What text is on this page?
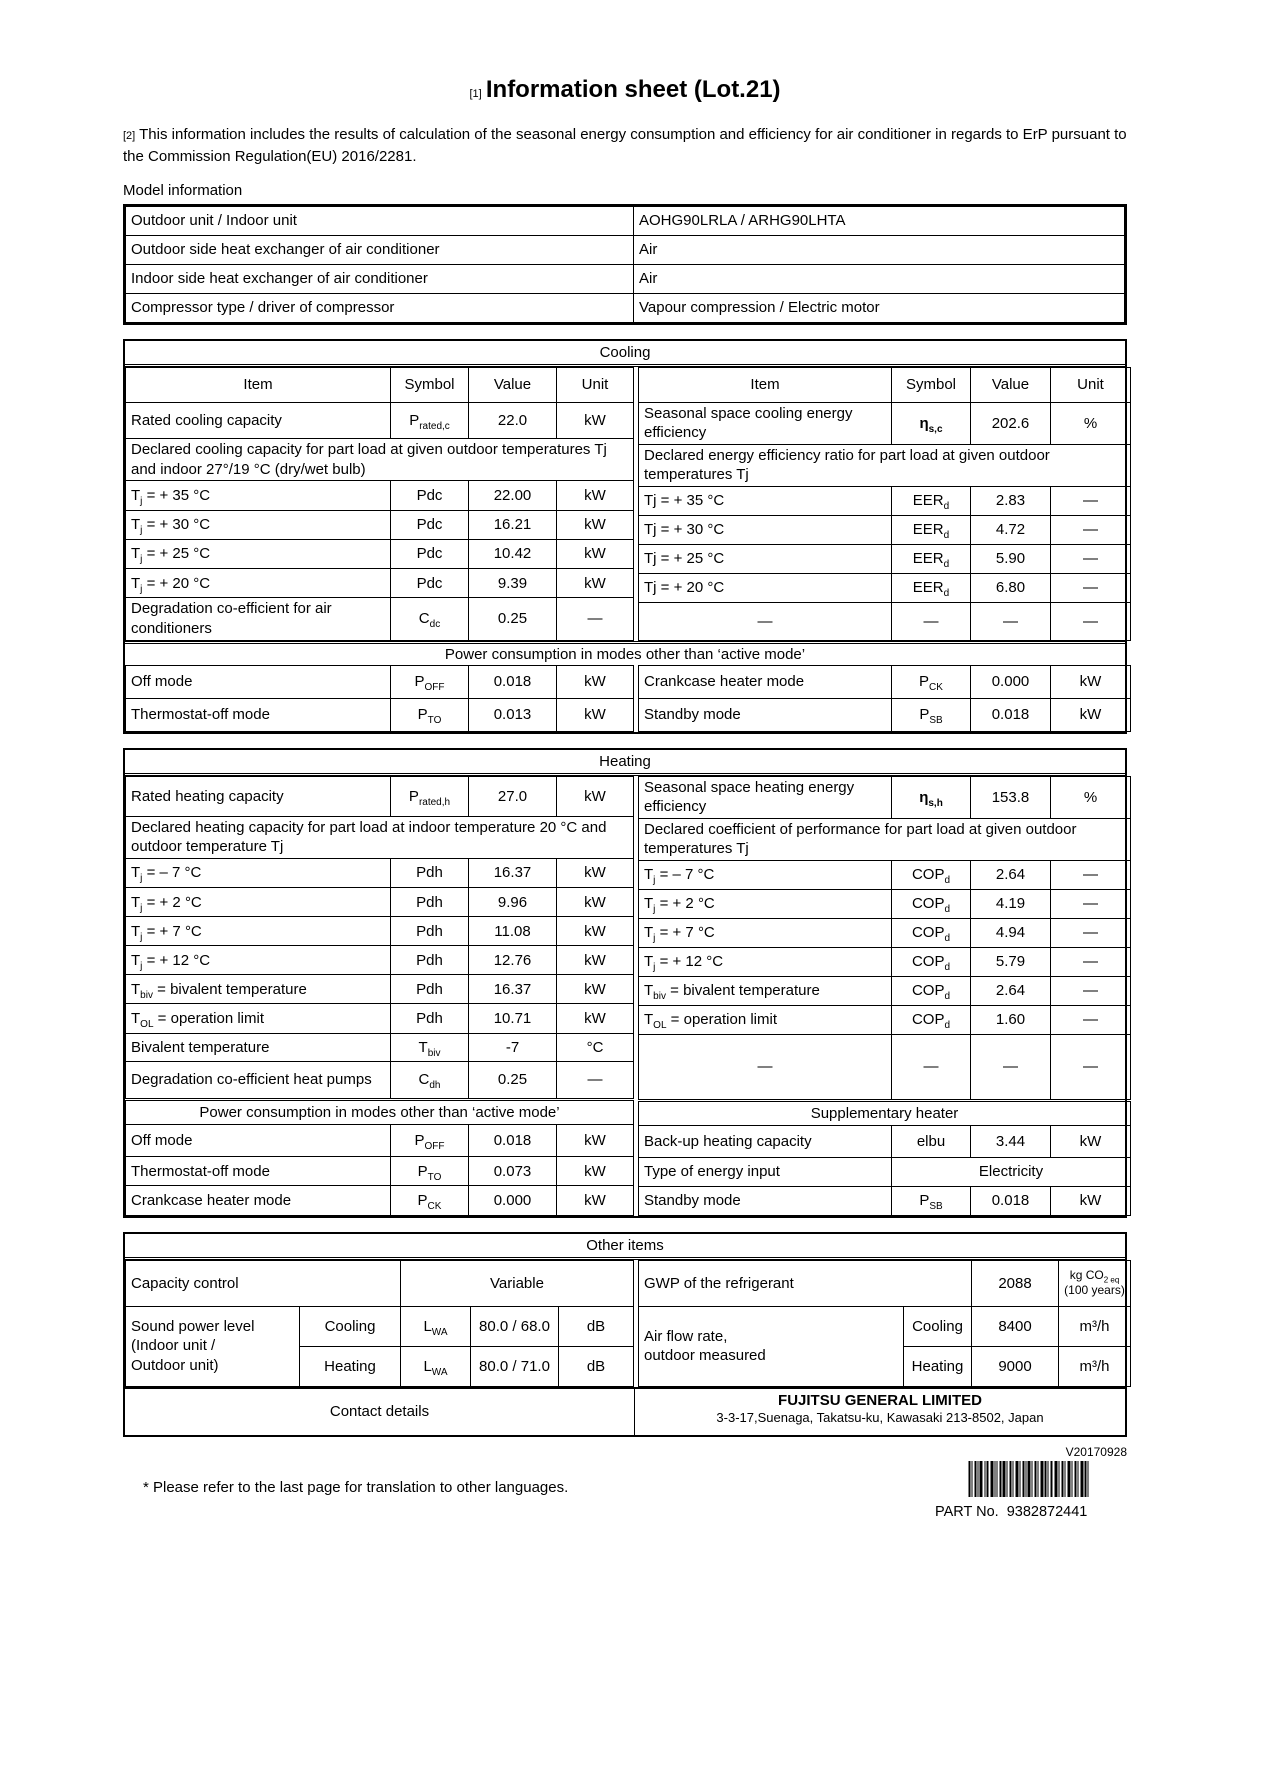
[1] Information sheet (Lot.21)
[2] This information includes the results of calculation of the seasonal energy consumption and efficiency for air conditioner in regards to ErP pursuant to the Commission Regulation(EU) 2016/2281.
Model information
Outdoor unit / Indoor unit	AOHG90LRLA / ARHG90LHTA
Outdoor side heat exchanger of air conditioner	Air
Indoor side heat exchanger of air conditioner	Air
Compressor type / driver of compressor	Vapour compression / Electric motor
Cooling
Item	Symbol	Value	Unit
Rated cooling capacity	$P_{rated,c}$	22.0	kW
Declared cooling capacity for part load at given outdoor temperatures Tj and indoor 27°/19 °C (dry/wet bulb)			
$T_j$ = + 35 °C	Pdc	22.00	kW
$T_j$ = + 30 °C	Pdc	16.21	kW
$T_j$ = + 25 °C	Pdc	10.42	kW
$T_j$ = + 20 °C	Pdc	9.39	kW
Degradation co-efficient for air conditioners	$C_{dc}$	0.25	—
Item	Symbol	Value	Unit
Seasonal space cooling energy efficiency	$\eta_{s,c}$	202.6	%
Declared energy efficiency ratio for part load at given outdoor temperatures Tj			
Tj = + 35 °C	$EER_d$	2.83	—
Tj = + 30 °C	$EER_d$	4.72	—
Tj = + 25 °C	$EER_d$	5.90	—
Tj = + 20 °C	$EER_d$	6.80	—
—	—	—	—
Power consumption in modes other than ‘active mode’
Off mode	$P_{OFF}$	0.018	kW
Thermostat-off mode	$P_{TO}$	0.013	kW
Crankcase heater mode	$P_{CK}$	0.000	kW
Standby mode	$P_{SB}$	0.018	kW
Heating
Rated heating capacity	$P_{rated,h}$	27.0	kW
Declared heating capacity for part load at indoor temperature 20 °C and outdoor temperature Tj			
$T_j$ = – 7 °C	Pdh	16.37	kW
$T_j$ = + 2 °C	Pdh	9.96	kW
$T_j$ = + 7 °C	Pdh	11.08	kW
$T_j$ = + 12 °C	Pdh	12.76	kW
$T_{biv}$ = bivalent temperature	Pdh	16.37	kW
$T_{OL}$ = operation limit	Pdh	10.71	kW
Bivalent temperature	$T_{biv}$	-7	°C
Degradation co-efficient heat pumps	$C_{dh}$	0.25	—
Power consumption in modes other than ‘active mode’			
Off mode	$P_{OFF}$	0.018	kW
Thermostat-off mode	$P_{TO}$	0.073	kW
Crankcase heater mode	$P_{CK}$	0.000	kW
Seasonal space heating energy efficiency	$\eta_{s,h}$	153.8	%
Declared coefficient of performance for part load at given outdoor temperatures Tj			
$T_j$ = – 7 °C	$COP_d$	2.64	—
$T_j$ = + 2 °C	$COP_d$	4.19	—
$T_j$ = + 7 °C	$COP_d$	4.94	—
$T_j$ = + 12 °C	$COP_d$	5.79	—
$T_{biv}$ = bivalent temperature	$COP_d$	2.64	—
$T_{OL}$ = operation limit	$COP_d$	1.60	—
—	—	—	—
Supplementary heater			
Back-up heating capacity	elbu	3.44	kW
Type of energy input	Electricity		
Standby mode	$P_{SB}$	0.018	kW
Other items
Capacity control		Variable		
Sound power level
(Indoor unit /
Outdoor unit)	Cooling	$L_{WA}$	80.0 / 68.0	dB
	Heating	$L_{WA}$	80.0 / 71.0	dB
GWP of the refrigerant		2088	kg $CO_{2 eq}$
(100 years)
Air flow rate,
outdoor measured	Cooling	8400	m³/h
	Heating	9000	m³/h
Contact details
FUJITSU GENERAL LIMITED
3-3-17,Suenaga, Takatsu-ku, Kawasaki 213-8502, Japan
V20170928
* Please refer to the last page for translation to other languages.
PART No.  9382872441
